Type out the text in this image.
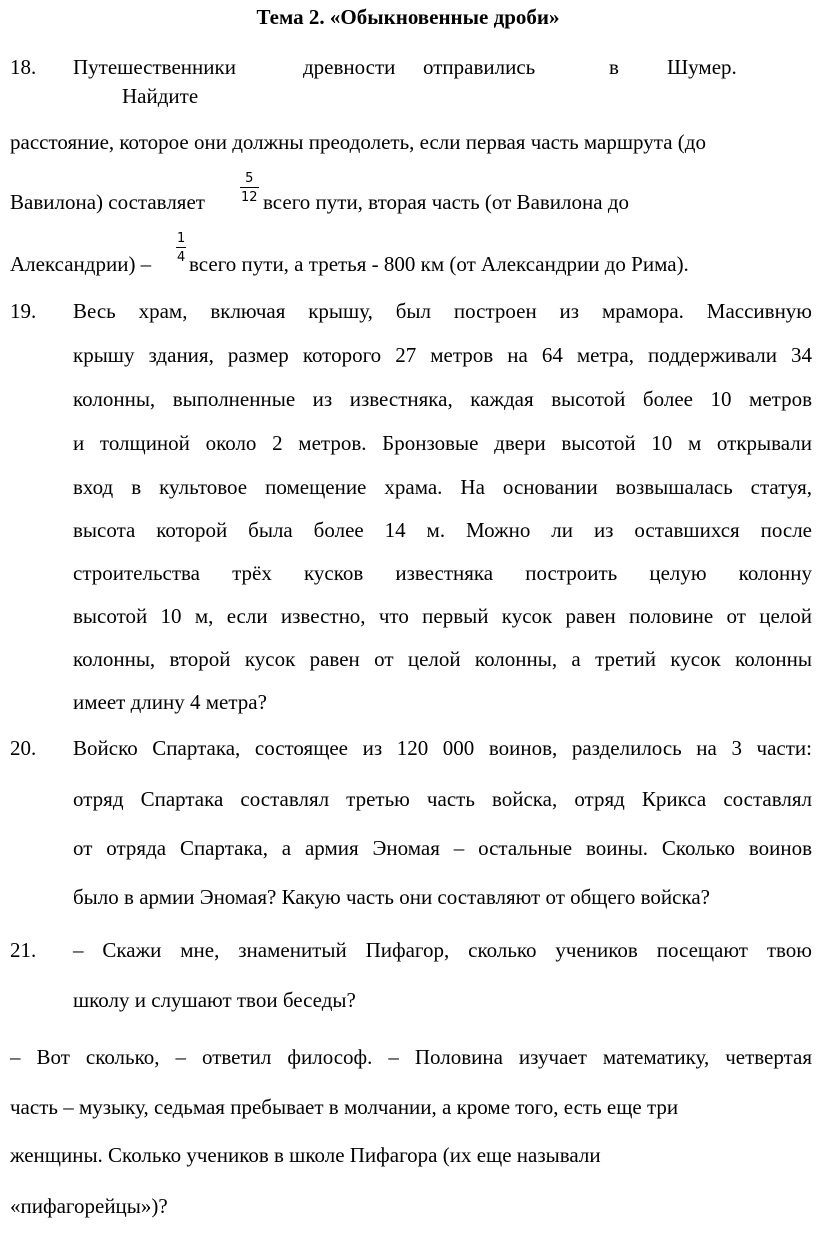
Тема 2. «Обыкновенные дроби»
18. Путешественники	древности отправились	в Шумер.
Найдите
расстояние, которое они должны преодолеть, если первая часть маршрута (до
Вавилона) составляет	$\frac{5}{12}$ всего пути, вторая часть (от Вавилона до
Александрии) – $\frac{1}{4}$ всего пути, а третья - 800 км (от Александрии до Рима).
19. Весь храм, включая крышу, был построен из мрамора. Массивную
крышу здания, размер которого 27 метров на 64 метра, поддерживали 34
колонны, выполненные из известняка, каждая высотой более 10 метров
и толщиной около 2 метров. Бронзовые двери высотой 10 м открывали
вход в культовое помещение храма. На основании возвышалась статуя,
высота которой была более 14 м. Можно ли из оставшихся после
строительства трёх кусков известняка построить целую колонну
высотой 10 м, если известно, что первый кусок равен половине от целой
колонны, второй кусок равен от целой колонны, а третий кусок колонны
имеет длину 4 метра?
20. Войско Спартака, состоящее из 120 000 воинов, разделилось на 3 части:
отряд Спартака составлял третью часть войска, отряд Крикса составлял
от отряда Спартака, а армия Эномая – остальные воины. Сколько воинов
было в армии Эномая? Какую часть они составляют от общего войска?
21. – Скажи мне, знаменитый Пифагор, сколько учеников посещают твою
школу и слушают твои беседы?
– Вот сколько, – ответил философ. – Половина изучает математику, четвертая
часть – музыку, седьмая пребывает в молчании, а кроме того, есть еще три
женщины. Сколько учеников в школе Пифагора (их еще называли
«пифагорейцы»)?
